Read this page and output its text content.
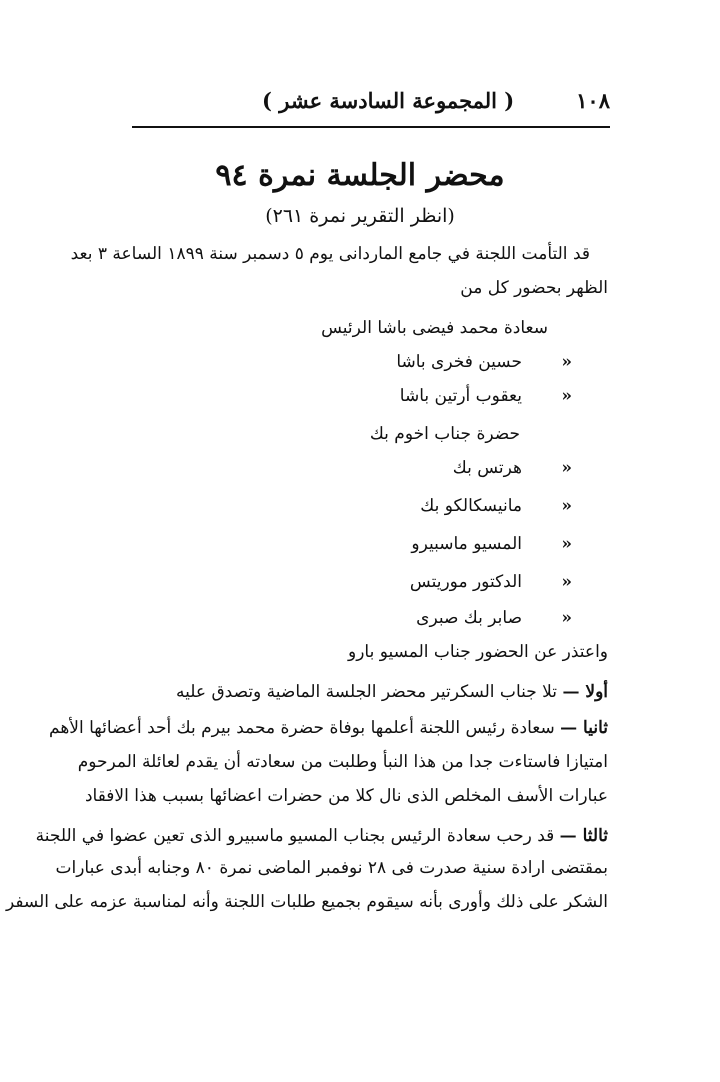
١٠٨
( المجموعة السادسة عشر )
محضر الجلسة نمرة ٩٤
(انظر التقرير نمرة ٢٦١)
قد التأمت اللجنة في جامع الماردانى يوم ٥ دسمبر سنة ١٨٩٩ الساعة ٣ بعد
الظهر بحضور كل من
سعادة محمد فيضى باشا الرئيس
«حسين فخرى باشا
«يعقوب أرتين باشا
حضرة جناب اخوم بك
«هرتس بك
«مانيسكالكو بك
«المسيو ماسبيرو
«الدكتور موريتس
«صابر بك صبرى
واعتذر عن الحضور جناب المسيو بارو
أولا — تلا جناب السكرتير محضر الجلسة الماضية وتصدق عليه
ثانيا — سعادة رئيس اللجنة أعلمها بوفاة حضرة محمد بيرم بك أحد أعضائها الأهم
امتيازا فاستاءت جدا من هذا النبأ وطلبت من سعادته أن يقدم لعائلة المرحوم
عبارات الأسف المخلص الذى نال كلا من حضرات اعضائها بسبب هذا الافقاد
ثالثا — قد رحب سعادة الرئيس بجناب المسيو ماسبيرو الذى تعين عضوا في اللجنة
بمقتضى ارادة سنية صدرت فى ٢٨ نوفمبر الماضى نمرة ٨٠ وجنابه أبدى عبارات
الشكر على ذلك وأورى بأنه سيقوم بجميع طلبات اللجنة وأنه لمناسبة عزمه على السفر
